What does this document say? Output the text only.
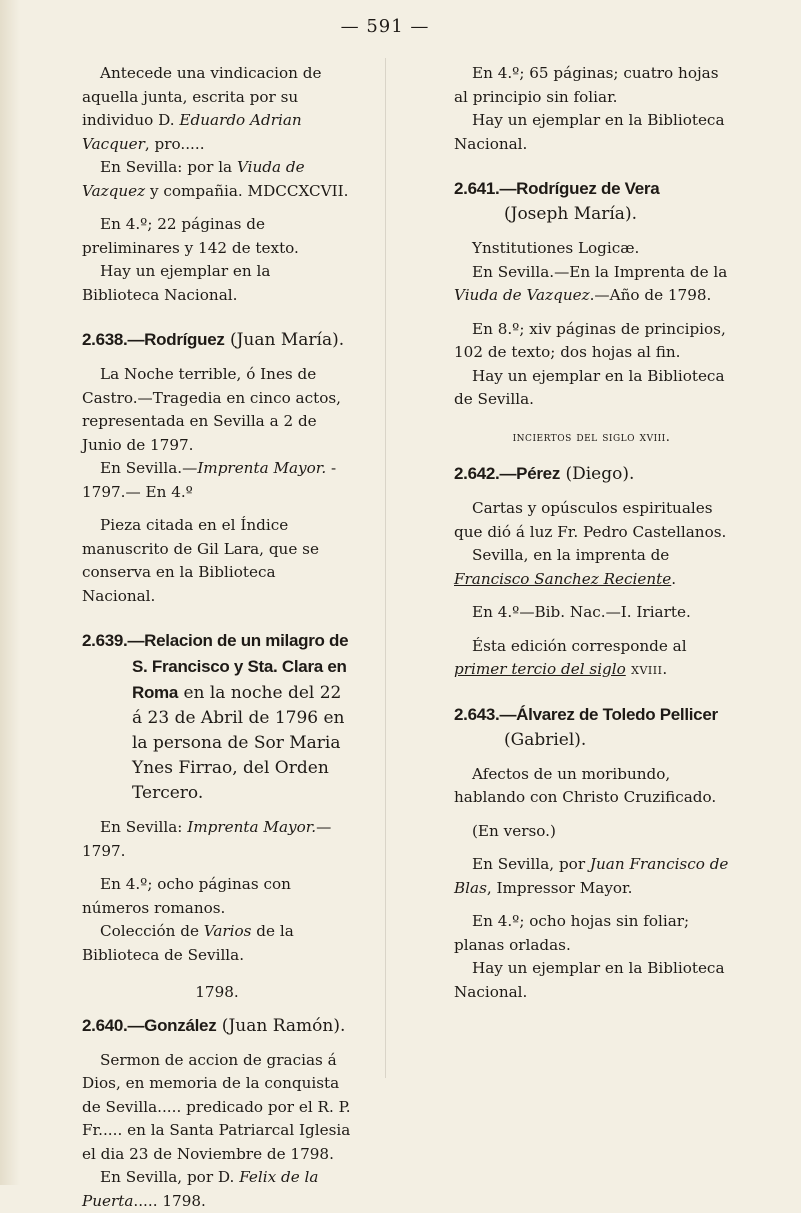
— 591 —

Antecede una vindicacion de aquella junta, escrita por su individuo D. Eduardo Adrian Vacquer, pro.....

En Sevilla: por la Viuda de Vazquez y compañia. MDCCXCVII.

En 4.º; 22 páginas de preliminares y 142 de texto.

Hay un ejemplar en la Biblioteca Nacional.

2.638.—Rodríguez (Juan María).

La Noche terrible, ó Ines de Castro.—Tragedia en cinco actos, representada en Sevilla a 2 de Junio de 1797.

En Sevilla.—Imprenta Mayor. - 1797.— En 4.º

Pieza citada en el Índice manuscrito de Gil Lara, que se conserva en la Biblioteca Nacional.

2.639.—Relacion de un milagro de S. Francisco y Sta. Clara en Roma en la noche del 22 á 23 de Abril de 1796 en la persona de Sor Maria Ynes Firrao, del Orden Tercero.

En Sevilla: Imprenta Mayor.—1797.

En 4.º; ocho páginas con números romanos.

Colección de Varios de la Biblioteca de Sevilla.

1798.

2.640.—González (Juan Ramón).

Sermon de accion de gracias á Dios, en memoria de la conquista de Sevilla..... predicado por el R. P. Fr..... en la Santa Patriarcal Iglesia el dia 23 de Noviembre de 1798.

En Sevilla, por D. Felix de la Puerta..... 1798.

En 4.º; 65 páginas; cuatro hojas al principio sin foliar.

Hay un ejemplar en la Biblioteca Nacional.

2.641.—Rodríguez de Vera (Joseph María).

Ynstitutiones Logicæ.

En Sevilla.—En la Imprenta de la Viuda de Vazquez.—Año de 1798.

En 8.º; xiv páginas de principios, 102 de texto; dos hojas al fin.

Hay un ejemplar en la Biblioteca de Sevilla.

inciertos del siglo xviii.

2.642.—Pérez (Diego).

Cartas y opúsculos espirituales que dió á luz Fr. Pedro Castellanos.

Sevilla, en la imprenta de Francisco Sanchez Reciente.

En 4.º—Bib. Nac.—I. Iriarte.

Ésta edición corresponde al primer tercio del siglo xviii.

2.643.—Álvarez de Toledo Pellicer (Gabriel).

Afectos de un moribundo, hablando con Christo Cruzificado.

(En verso.)

En Sevilla, por Juan Francisco de Blas, Impressor Mayor.

En 4.º; ocho hojas sin foliar; planas orladas.

Hay un ejemplar en la Biblioteca Nacional.
